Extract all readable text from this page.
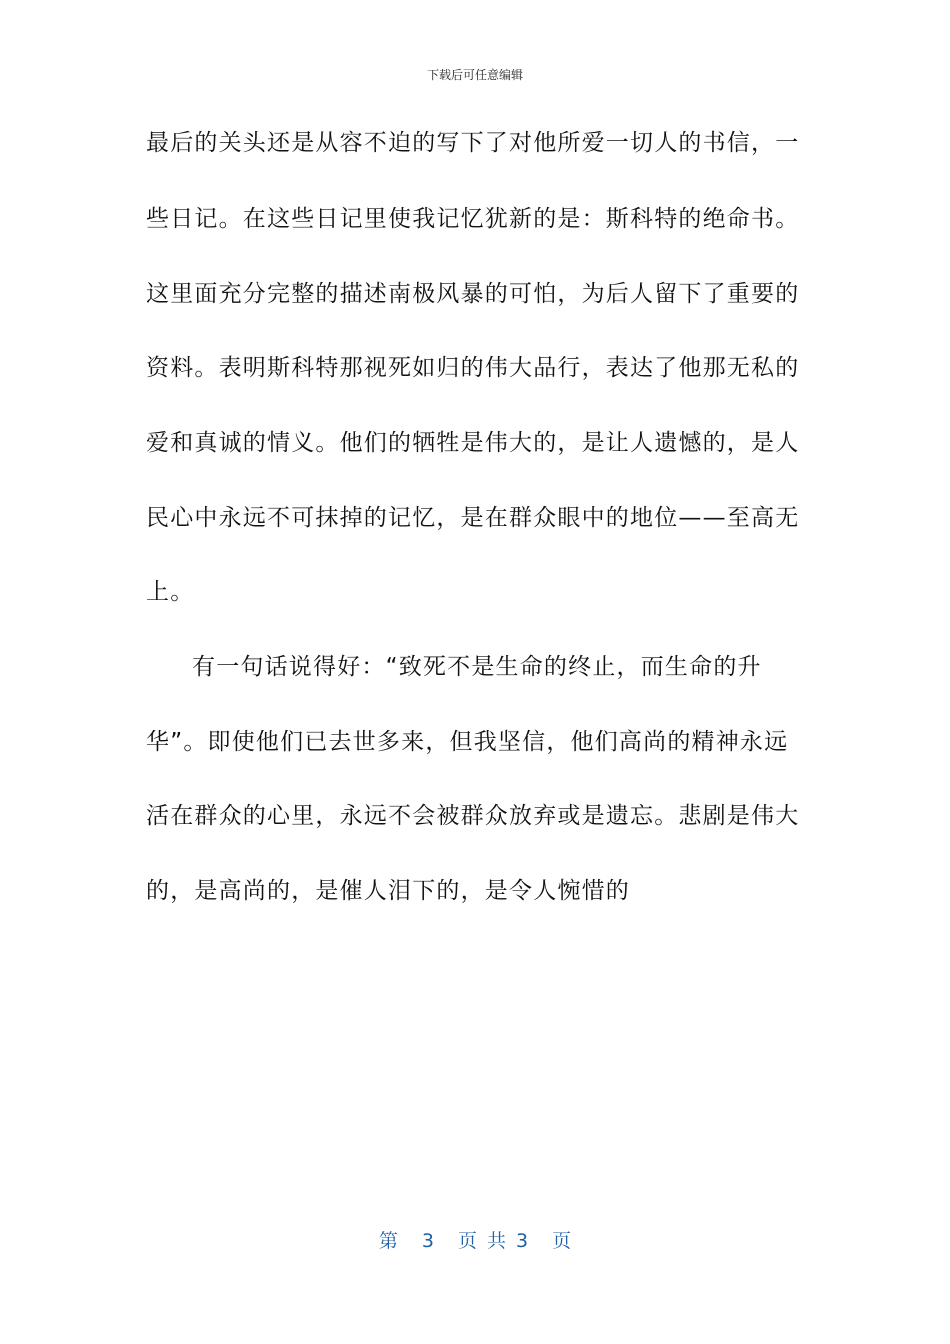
下载后可任意编辑
最后的关头还是从容不迫的写下了对他所爱一切人的书信，一
些日记。在这些日记里使我记忆犹新的是：斯科特的绝命书。
这里面充分完整的描述南极风暴的可怕，为后人留下了重要的
资料。表明斯科特那视死如归的伟大品行，表达了他那无私的
爱和真诚的情义。他们的牺牲是伟大的，是让人遗憾的，是人
民心中永远不可抹掉的记忆，是在群众眼中的地位——至高无
上。
有一句话说得好：“致死不是生命的终止，而生命的升
华”。即使他们已去世多来，但我坚信，他们高尚的精神永远
活在群众的心里，永远不会被群众放弃或是遗忘。悲剧是伟大
的，是高尚的，是催人泪下的，是令人惋惜的
第 3 页 共 3 页
